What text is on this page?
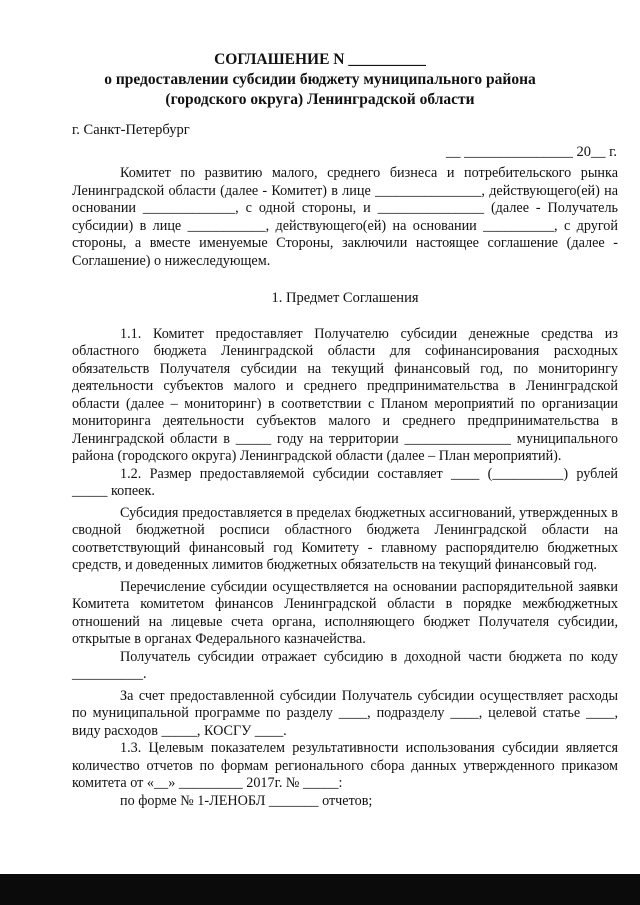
СОГЛАШЕНИЕ N __________
о предоставлении субсидии бюджету муниципального района
(городского округа) Ленинградской области
г. Санкт-Петербург
__ _______________ 20__ г.

Комитет по развитию малого, среднего бизнеса и потребительского рынка Ленинградской области (далее - Комитет) в лице _______________, действующего(ей) на основании _____________, с одной стороны, и _______________ (далее - Получатель субсидии) в лице ___________, действующего(ей) на основании __________, с другой стороны, а вместе именуемые Стороны, заключили настоящее соглашение (далее - Соглашение) о нижеследующем.

1. Предмет Соглашения

1.1. Комитет предоставляет Получателю субсидии денежные средства из областного бюджета Ленинградской области для софинансирования расходных обязательств Получателя субсидии на текущий финансовый год, по мониторингу деятельности субъектов малого и среднего предпринимательства в Ленинградской области (далее – мониторинг) в соответствии с Планом мероприятий по организации мониторинга деятельности субъектов малого и среднего предпринимательства в Ленинградской области в _____ году на территории _______________ муниципального района (городского округа) Ленинградской области (далее – План мероприятий).

1.2. Размер предоставляемой субсидии составляет ____ (__________) рублей _____ копеек.

Субсидия предоставляется в пределах бюджетных ассигнований, утвержденных в сводной бюджетной росписи областного бюджета Ленинградской области на соответствующий финансовый год Комитету - главному распорядителю бюджетных средств, и доведенных лимитов бюджетных обязательств на текущий финансовый год.

Перечисление субсидии осуществляется на основании распорядительной заявки Комитета комитетом финансов Ленинградской области в порядке межбюджетных отношений на лицевые счета органа, исполняющего бюджет Получателя субсидии, открытые в органах Федерального казначейства.

Получатель субсидии отражает субсидию в доходной части бюджета по коду __________.

За счет предоставленной субсидии Получатель субсидии осуществляет расходы по муниципальной программе по разделу ____, подразделу ____, целевой статье ____, виду расходов _____, КОСГУ ____.

1.3. Целевым показателем результативности использования субсидии является количество отчетов по формам регионального сбора данных утвержденного приказом комитета от «__» _________ 2017г. № _____:

по форме № 1-ЛЕНОБЛ _______ отчетов;
